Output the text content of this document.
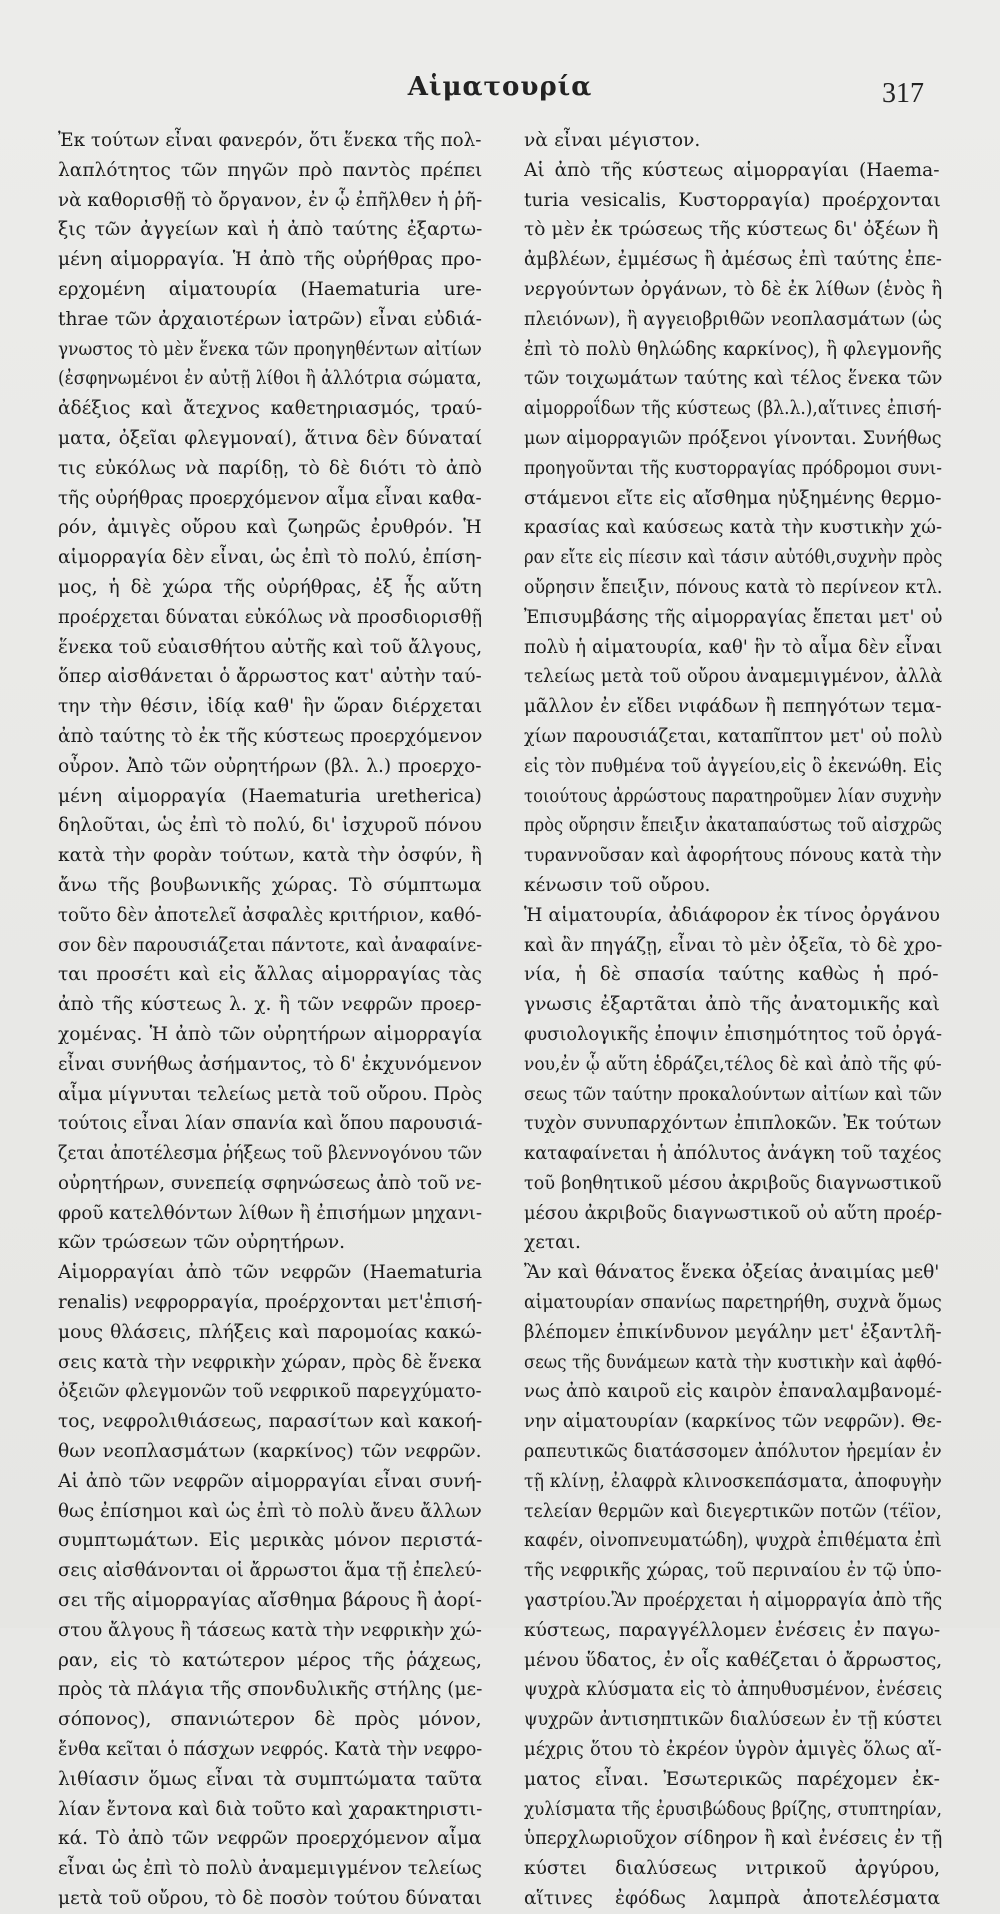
Αἱματουρία	317
Ἐκ τούτων εἶναι φανερόν, ὅτι ἕνεκα τῆς πολ-
λαπλότητος τῶν πηγῶν πρὸ παντὸς πρέπει
νὰ καθορισθῇ τὸ ὄργανον, ἐν ᾧ ἐπῆλθεν ἡ ῥῆ-
ξις τῶν ἀγγείων καὶ ἡ ἀπὸ ταύτης ἐξαρτω-
μένη αἱμορραγία. Ἡ ἀπὸ τῆς οὐρήθρας προ-
ερχομένη αἱματουρία (Haematuria ure-
thrae τῶν ἀρχαιοτέρων ἰατρῶν) εἶναι εὐδιά-
γνωστος τὸ μὲν ἕνεκα τῶν προηγηθέντων αἰτίων
(ἐσφηνωμένοι ἐν αὐτῇ λίθοι ἢ ἀλλότρια σώματα,
ἀδέξιος καὶ ἄτεχνος καθετηριασμός, τραύ-
ματα, ὀξεῖαι φλεγμοναί), ἅτινα δὲν δύναταί
τις εὐκόλως νὰ παρίδῃ, τὸ δὲ διότι τὸ ἀπὸ
τῆς οὐρήθρας προερχόμενον αἷμα εἶναι καθα-
ρόν, ἀμιγὲς οὔρου καὶ ζωηρῶς ἐρυθρόν. Ἡ
αἱμορραγία δὲν εἶναι, ὡς ἐπὶ τὸ πολύ, ἐπίση-
μος, ἡ δὲ χώρα τῆς οὐρήθρας, ἐξ ἧς αὕτη
προέρχεται δύναται εὐκόλως νὰ προσδιορισθῇ
ἕνεκα τοῦ εὐαισθήτου αὐτῆς καὶ τοῦ ἄλγους,
ὅπερ αἰσθάνεται ὁ ἄρρωστος κατ' αὐτὴν ταύ-
την τὴν θέσιν, ἰδίᾳ καθ' ἣν ὥραν διέρχεται
ἀπὸ ταύτης τὸ ἐκ τῆς κύστεως προερχόμενον
οὖρον. Ἀπὸ τῶν οὐρητήρων (βλ. λ.) προερχο-
μένη αἱμορραγία (Haematuria uretherica)
δηλοῦται, ὡς ἐπὶ τὸ πολύ, δι' ἰσχυροῦ πόνου
κατὰ τὴν φορὰν τούτων, κατὰ τὴν ὀσφύν, ἢ
ἄνω τῆς βουβωνικῆς χώρας. Τὸ σύμπτωμα
τοῦτο δὲν ἀποτελεῖ ἀσφαλὲς κριτήριον, καθό-
σον δὲν παρουσιάζεται πάντοτε, καὶ ἀναφαίνε-
ται προσέτι καὶ εἰς ἄλλας αἱμορραγίας τὰς
ἀπὸ τῆς κύστεως λ. χ. ἢ τῶν νεφρῶν προερ-
χομένας. Ἡ ἀπὸ τῶν οὐρητήρων αἱμορραγία
εἶναι συνήθως ἀσήμαντος, τὸ δ' ἐκχυνόμενον
αἷμα μίγνυται τελείως μετὰ τοῦ οὔρου. Πρὸς
τούτοις εἶναι λίαν σπανία καὶ ὅπου παρουσιά-
ζεται ἀποτέλεσμα ῥήξεως τοῦ βλεννογόνου τῶν
οὐρητήρων, συνεπείᾳ σφηνώσεως ἀπὸ τοῦ νε-
φροῦ κατελθόντων λίθων ἢ ἐπισήμων μηχανι-
κῶν τρώσεων τῶν οὐρητήρων.
Αἱμορραγίαι ἀπὸ τῶν νεφρῶν (Haematuria
renalis) νεφρορραγία, προέρχονται μετ'ἐπισή-
μους θλάσεις, πλήξεις καὶ παρομοίας κακώ-
σεις κατὰ τὴν νεφρικὴν χώραν, πρὸς δὲ ἕνεκα
ὀξειῶν φλεγμονῶν τοῦ νεφρικοῦ παρεγχύματο-
τος, νεφρολιθιάσεως, παρασίτων καὶ κακοή-
θων νεοπλασμάτων (καρκίνος) τῶν νεφρῶν.
Αἱ ἀπὸ τῶν νεφρῶν αἱμορραγίαι εἶναι συνή-
θως ἐπίσημοι καὶ ὡς ἐπὶ τὸ πολὺ ἄνευ ἄλλων
συμπτωμάτων. Εἰς μερικὰς μόνον περιστά-
σεις αἰσθάνονται οἱ ἄρρωστοι ἅμα τῇ ἐπελεύ-
σει τῆς αἱμορραγίας αἴσθημα βάρους ἢ ἀορί-
στου ἄλγους ἢ τάσεως κατὰ τὴν νεφρικὴν χώ-
ραν, εἰς τὸ κατώτερον μέρος τῆς ῥάχεως,
πρὸς τὰ πλάγια τῆς σπονδυλικῆς στήλης (με-
σόπονος), σπανιώτερον δὲ πρὸς μόνον,
ἔνθα κεῖται ὁ πάσχων νεφρός. Κατὰ τὴν νεφρο-
λιθίασιν ὅμως εἶναι τὰ συμπτώματα ταῦτα
λίαν ἔντονα καὶ διὰ τοῦτο καὶ χαρακτηριστι-
κά. Τὸ ἀπὸ τῶν νεφρῶν προερχόμενον αἷμα
εἶναι ὡς ἐπὶ τὸ πολὺ ἀναμεμιγμένον τελείως
μετὰ τοῦ οὔρου, τὸ δὲ ποσὸν τούτου δύναται
νὰ εἶναι μέγιστον.
Αἱ ἀπὸ τῆς κύστεως αἱμορραγίαι (Haema-
turia vesicalis, Κυστορραγία) προέρχονται
τὸ μὲν ἐκ τρώσεως τῆς κύστεως δι' ὀξέων ἢ
ἀμβλέων, ἐμμέσως ἢ ἀμέσως ἐπὶ ταύτης ἐπε-
νεργούντων ὀργάνων, τὸ δὲ ἐκ λίθων (ἑνὸς ἢ
πλειόνων), ἢ αγγειοβριθῶν νεοπλασμάτων (ὡς
ἐπὶ τὸ πολὺ θηλώδης καρκίνος), ἢ φλεγμονῆς
τῶν τοιχωμάτων ταύτης καὶ τέλος ἕνεκα τῶν
αἱμορροΐδων τῆς κύστεως (βλ.λ.),αἵτινες ἐπισή-
μων αἱμορραγιῶν πρόξενοι γίνονται. Συνήθως
προηγοῦνται τῆς κυστορραγίας πρόδρομοι συνι-
στάμενοι εἴτε εἰς αἴσθημα ηὐξημένης θερμο-
κρασίας καὶ καύσεως κατὰ τὴν κυστικὴν χώ-
ραν εἴτε εἰς πίεσιν καὶ τάσιν αὐτόθι,συχνὴν πρὸς
οὔρησιν ἔπειξιν, πόνους κατὰ τὸ περίνεον κτλ.
Ἐπισυμβάσης τῆς αἱμορραγίας ἔπεται μετ' οὐ
πολὺ ἡ αἱματουρία, καθ' ἣν τὸ αἷμα δὲν εἶναι
τελείως μετὰ τοῦ οὔρου ἀναμεμιγμένον, ἀλλὰ
μᾶλλον ἐν εἴδει νιφάδων ἢ πεπηγότων τεμα-
χίων παρουσιάζεται, καταπῖπτον μετ' οὐ πολὺ
εἰς τὸν πυθμένα τοῦ ἀγγείου,εἰς ὃ ἐκενώθη. Εἰς
τοιούτους ἀρρώστους παρατηροῦμεν λίαν συχνὴν
πρὸς οὔρησιν ἔπειξιν ἀκαταπαύστως τοῦ αἰσχρῶς
τυραννοῦσαν καὶ ἀφορήτους πόνους κατὰ τὴν
κένωσιν τοῦ οὔρου.
Ἡ αἱματουρία, ἀδιάφορον ἐκ τίνος ὀργάνου
καὶ ἂν πηγάζῃ, εἶναι τὸ μὲν ὀξεῖα, τὸ δὲ χρο-
νία, ἡ δὲ σπασία ταύτης καθὼς ἡ πρό-
γνωσις ἐξαρτᾶται ἀπὸ τῆς ἀνατομικῆς καὶ
φυσιολογικῆς ἐποψιν ἐπισημότητος τοῦ ὀργά-
νου,ἐν ᾧ αὕτη ἑδράζει,τέλος δὲ καὶ ἀπὸ τῆς φύ-
σεως τῶν ταύτην προκαλούντων αἰτίων καὶ τῶν
τυχὸν συνυπαρχόντων ἐπιπλοκῶν. Ἐκ τούτων
καταφαίνεται ἡ ἀπόλυτος ἀνάγκη τοῦ ταχέος
τοῦ βοηθητικοῦ μέσου ἀκριβοῦς διαγνωστικοῦ
μέσου ἀκριβοῦς διαγνωστικοῦ οὐ αὕτη προέρ-
χεται.
Ἂν καὶ θάνατος ἕνεκα ὀξείας ἀναιμίας μεθ'
αἱματουρίαν σπανίως παρετηρήθη, συχνὰ ὅμως
βλέπομεν ἐπικίνδυνον μεγάλην μετ' ἐξαντλῆ-
σεως τῆς δυνάμεων κατὰ τὴν κυστικὴν καὶ ἀφθό-
νως ἀπὸ καιροῦ εἰς καιρὸν ἐπαναλαμβανομέ-
νην αἱματουρίαν (καρκίνος τῶν νεφρῶν). Θε-
ραπευτικῶς διατάσσομεν ἀπόλυτον ἠρεμίαν ἐν
τῇ κλίνῃ, ἐλαφρὰ κλινοσκεπάσματα, ἀποφυγὴν
τελείαν θερμῶν καὶ διεγερτικῶν ποτῶν (τέϊον,
καφέν, οἰνοπνευματώδη), ψυχρὰ ἐπιθέματα ἐπὶ
τῆς νεφρικῆς χώρας, τοῦ περιναίου ἐν τῷ ὑπο-
γαστρίου.Ἂν προέρχεται ἡ αἱμορραγία ἀπὸ τῆς
κύστεως, παραγγέλλομεν ἐνέσεις ἐν παγω-
μένου ὕδατος, ἐν οἷς καθέζεται ὁ ἄρρωστος,
ψυχρὰ κλύσματα εἰς τὸ ἀπηυθυσμένον, ἐνέσεις
ψυχρῶν ἀντισηπτικῶν διαλύσεων ἐν τῇ κύστει
μέχρις ὅτου τὸ ἐκρέον ὑγρὸν ἀμιγὲς ὅλως αἵ-
ματος εἶναι. Ἐσωτερικῶς παρέχομεν ἐκ-
χυλίσματα τῆς ἐρυσιβώδους βρίζης, στυπτηρίαν,
ὑπερχλωριοῦχον σίδηρον ἢ καὶ ἐνέσεις ἐν τῇ
κύστει διαλύσεως νιτρικοῦ ἀργύρου,
αἵτινες ἐφόδως λαμπρὰ ἀποτελέσματα
